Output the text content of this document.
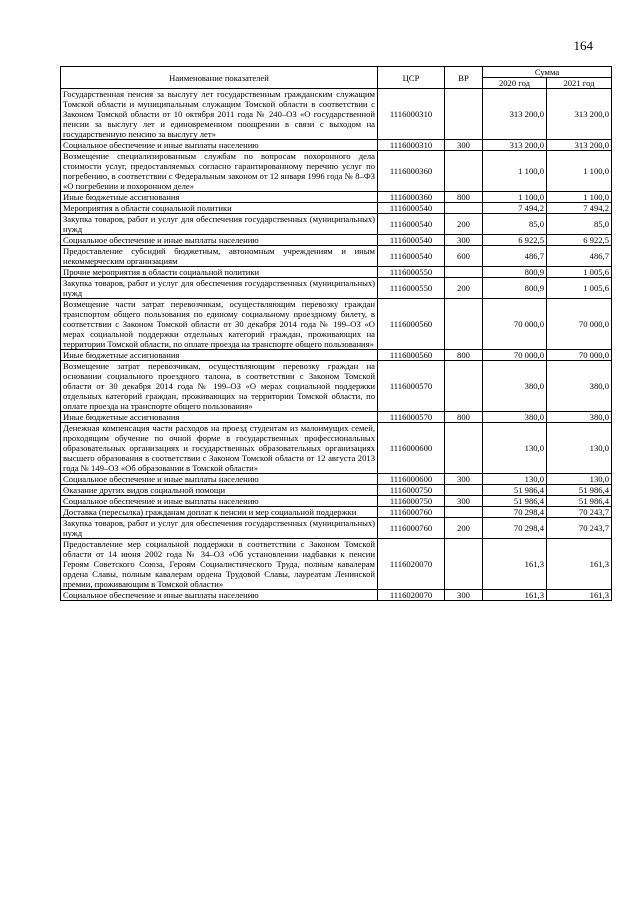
164
Наименование показателей	ЦСР	ВР	Сумма	
			2020 год	2021 год
Государственная пенсия за выслугу лет государственным гражданским служащим Томской области и муниципальным служащим Томской области в соответствии с Законом Томской области от 10 октября 2011 года № 240–ОЗ «О государственной пенсии за выслугу лет и единовременном поощрении в связи с выходом на государственную пенсию за выслугу лет»	1116000310		313 200,0	313 200,0
Социальное обеспечение и иные выплаты населению	1116000310	300	313 200,0	313 200,0
Возмещение специализированным службам по вопросам похоронного дела стоимости услуг, предоставляемых согласно гарантированному перечню услуг по погребению, в соответствии с Федеральным законом от 12 января 1996 года № 8–ФЗ «О погребении и похоронном деле»	1116000360		1 100,0	1 100,0
Иные бюджетные ассигнования	1116000360	800	1 100,0	1 100,0
Мероприятия в области социальной политики	1116000540		7 494,2	7 494,2
Закупка товаров, работ и услуг для обеспечения государственных (муниципальных) нужд	1116000540	200	85,0	85,0
Социальное обеспечение и иные выплаты населению	1116000540	300	6 922,5	6 922,5
Предоставление субсидий бюджетным, автономным учреждениям и иным некоммерческим организациям	1116000540	600	486,7	486,7
Прочие мероприятия в области социальной политики	1116000550		800,9	1 005,6
Закупка товаров, работ и услуг для обеспечения государственных (муниципальных) нужд	1116000550	200	800,9	1 005,6
Возмещение части затрат перевозчикам, осуществляющим перевозку граждан транспортом общего пользования по единому социальному проездному билету, в соответствии с Законом Томской области от 30 декабря 2014 года № 199–ОЗ «О мерах социальной поддержки отдельных категорий граждан, проживающих на территории Томской области, по оплате проезда на транспорте общего пользования»	1116000560		70 000,0	70 000,0
Иные бюджетные ассигнования	1116000560	800	70 000,0	70 000,0
Возмещение затрат перевозчикам, осуществляющим перевозку граждан на основании социального проездного талона, в соответствии с Законом Томской области от 30 декабря 2014 года № 199–ОЗ «О мерах социальной поддержки отдельных категорий граждан, проживающих на территории Томской области, по оплате проезда на транспорте общего пользования»	1116000570		380,0	380,0
Иные бюджетные ассигнования	1116000570	800	380,0	380,0
Денежная компенсация части расходов на проезд студентам из малоимущих семей, проходящим обучение по очной форме в государственных профессиональных образовательных организациях и государственных образовательных организациях высшего образования в соответствии с Законом Томской области от 12 августа 2013 года № 149–ОЗ «Об образовании в Томской области»	1116000600		130,0	130,0
Социальное обеспечение и иные выплаты населению	1116000600	300	130,0	130,0
Оказание других видов социальной помощи	1116000750		51 986,4	51 986,4
Социальное обеспечение и иные выплаты населению	1116000750	300	51 986,4	51 986,4
Доставка (пересылка) гражданам доплат к пенсии и мер социальной поддержки	1116000760		70 298,4	70 243,7
Закупка товаров, работ и услуг для обеспечения государственных (муниципальных) нужд	1116000760	200	70 298,4	70 243,7
Предоставление мер социальной поддержки в соответствии с Законом Томской области от 14 июня 2002 года № 34–ОЗ «Об установлении надбавки к пенсии Героям Советского Союза, Героям Социалистического Труда, полным кавалерам ордена Славы, полным кавалерам ордена Трудовой Славы, лауреатам Ленинской премии, проживающим в Томской области»	1116020070		161,3	161,3
Социальное обеспечение и иные выплаты населению	1116020070	300	161,3	161,3
